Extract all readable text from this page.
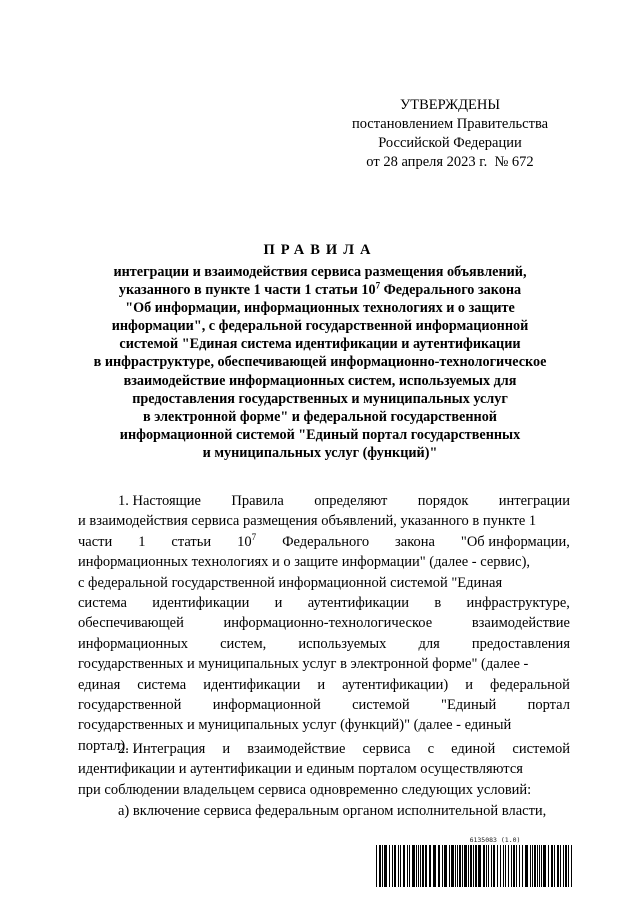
УТВЕРЖДЕНЫ
постановлением Правительства
Российской Федерации
от 28 апреля 2023 г.  № 672
ПРАВИЛА
интеграции и взаимодействия сервиса размещения объявлений,
указанного в пункте 1 части 1 статьи $10^7$ Федерального закона
"Об информации, информационных технологиях и о защите
информации", с федеральной государственной информационной
системой "Единая система идентификации и аутентификации
в инфраструктуре, обеспечивающей информационно-технологическое
взаимодействие информационных систем, используемых для
предоставления государственных и муниципальных услуг
в электронной форме" и федеральной государственной
информационной системой "Единый портал государственных
и муниципальных услуг (функций)"
1. Настоящие Правила определяют порядок интеграции
и взаимодействия сервиса размещения объявлений, указанного в пункте 1
части 1 статьи $10^7$ Федерального закона "Об информации,
информационных технологиях и о защите информации" (далее - сервис),
с федеральной государственной информационной системой "Единая
система идентификации и аутентификации в инфраструктуре,
обеспечивающей	информационно-технологическое	взаимодействие
информационных систем, используемых для предоставления
государственных и муниципальных услуг в электронной форме" (далее -
единая система идентификации и аутентификации) и федеральной
государственной информационной системой "Единый портал
государственных и муниципальных услуг (функций)" (далее - единый
портал).
2. Интеграция и взаимодействие сервиса с единой системой
идентификации и аутентификации и единым порталом осуществляются
при соблюдении владельцем сервиса одновременно следующих условий:
а) включение сервиса федеральным органом исполнительной власти,
6135083 (1.0)
